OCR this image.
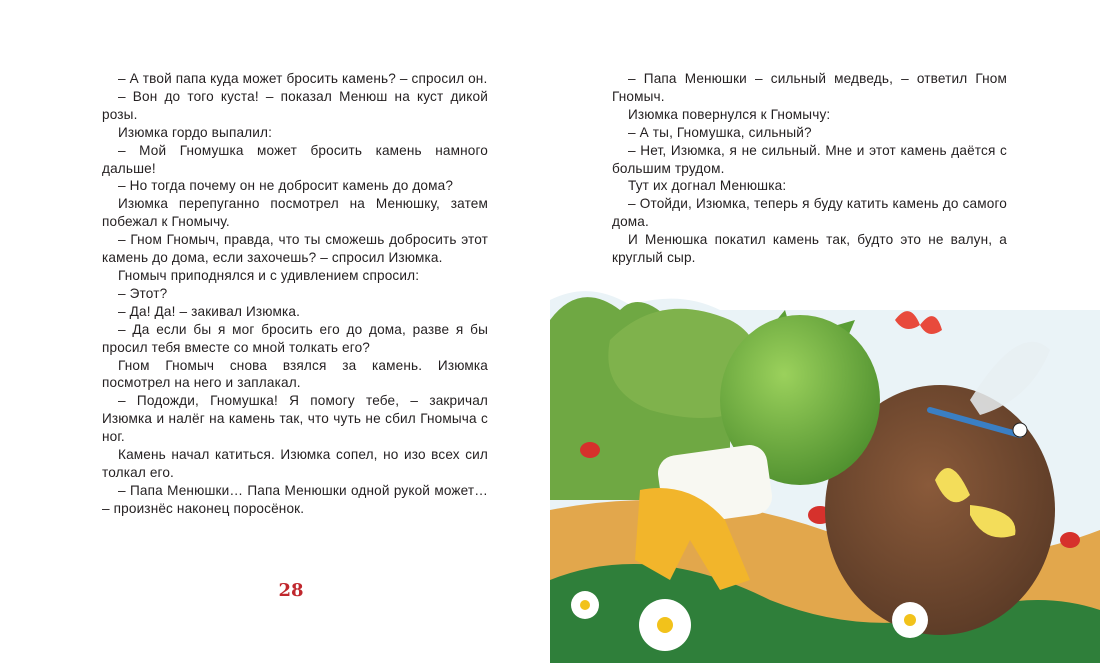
– А твой папа куда может бросить камень? – спросил он.

– Вон до того куста! – показал Менюш на куст дикой розы.

Изюмка гордо выпалил:

– Мой Гномушка может бросить камень намного дальше!

– Но тогда почему он не добросит камень до дома?

Изюмка перепуганно посмотрел на Менюшку, затем побежал к Гномычу.

– Гном Гномыч, правда, что ты сможешь добросить этот камень до дома, если захочешь? – спросил Изюмка.

Гномыч приподнялся и с удивлением спросил:

– Этот?

– Да! Да! – закивал Изюмка.

– Да если бы я мог бросить его до дома, разве я бы просил тебя вместе со мной толкать его?

Гном Гномыч снова взялся за камень. Изюмка посмотрел на него и заплакал.

– Подожди, Гномушка! Я помогу тебе, – закричал Изюмка и налёг на камень так, что чуть не сбил Гномыча с ног.

Камень начал катиться. Изюмка сопел, но изо всех сил толкал его.

– Папа Менюшки… Папа Менюшки одной рукой может… – произнёс наконец поросёнок.

28

– Папа Менюшки – сильный медведь, – ответил Гном Гномыч.

Изюмка повернулся к Гномычу:

– А ты, Гномушка, сильный?

– Нет, Изюмка, я не сильный. Мне и этот камень даётся с большим трудом.

Тут их догнал Менюшка:

– Отойди, Изюмка, теперь я буду катить камень до самого дома.

И Менюшка покатил камень так, будто это не валун, а круглый сыр.
